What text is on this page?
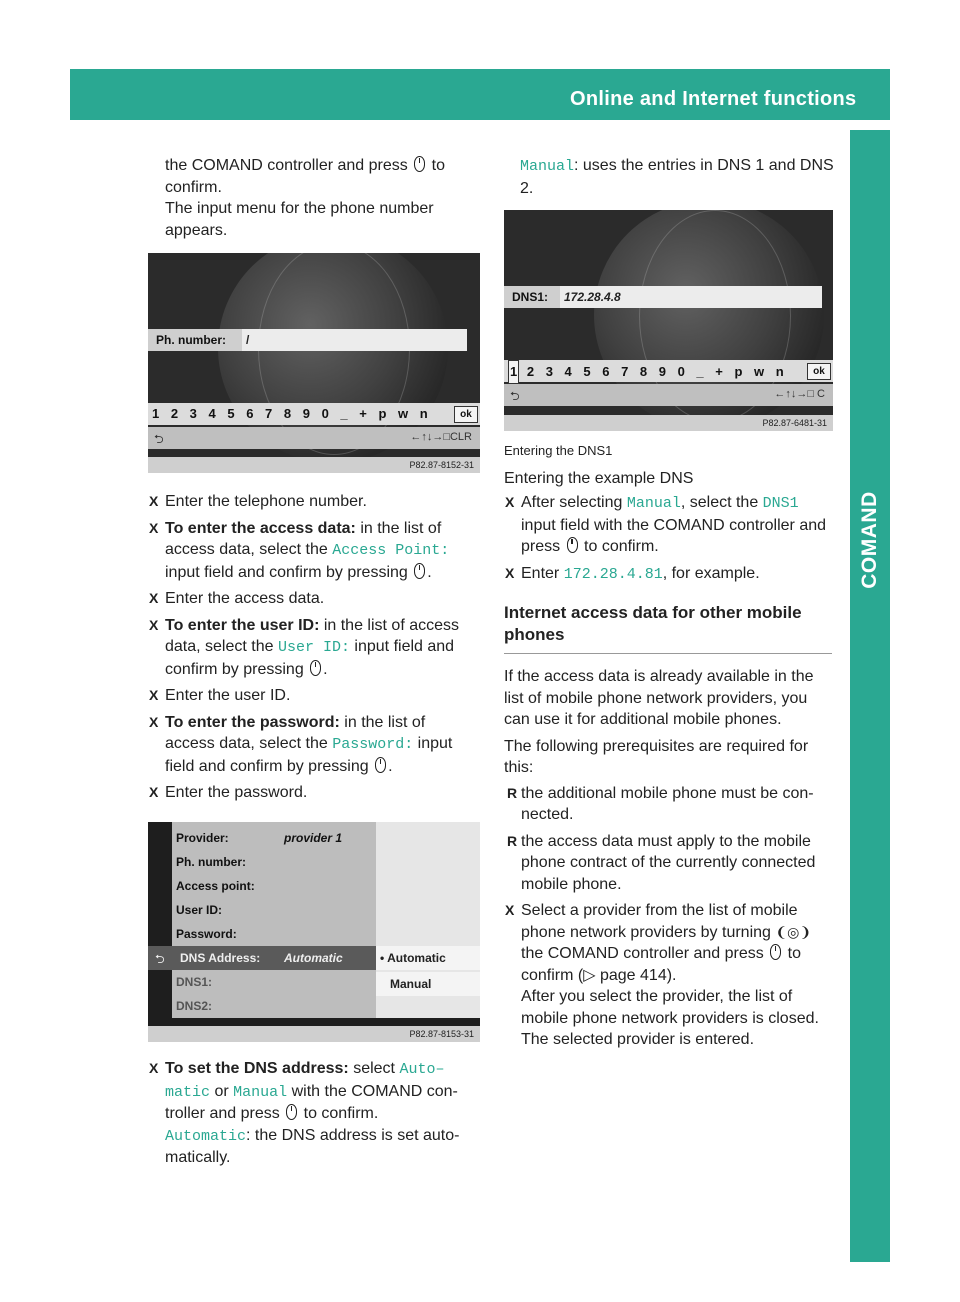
Online and Internet functions	417
COMAND

the COMAND controller and press  to

confirm.

The input menu for the phone number

appears.

Ph. number:	/
1 2 3 4 5 6 7 8 9 0 _ + p w n	ok
⮌	←↑↓→□CLR
P82.87-8152-31
X Enter the telephone number.
X To enter the access data: in the list of
access data, select the Access Point:
input field and confirm by pressing .
X Enter the access data.
X To enter the user ID: in the list of access
data, select the User ID: input field and
confirm by pressing .
X Enter the user ID.
X To enter the password: in the list of
access data, select the Password: input
field and confirm by pressing .
X Enter the password.
Provider:	provider 1
Ph. number:
Access point:
User ID:
Password:
⮌ DNS Address: Automatic
DNS1:
DNS2:
• Automatic
Manual
P82.87-8153-31
X To set the DNS address: select Auto–
matic or Manual with the COMAND con-
troller and press  to confirm.
Automatic: the DNS address is set auto-
matically.

Manual: uses the entries in DNS 1 and DNS

2.

DNS1:	172.28.4.8
1 2 3 4 5 6 7 8 9 0 _ + p w n	ok
⮌	←↑↓→□ C
P82.87-6481-31

Entering the DNS1

Entering the example DNS

X After selecting Manual, select the DNS1
input field with the COMAND controller and
press  to confirm.
X Enter 172.28.4.81, for example.
Internet access data for other mobile
phones

If the access data is already available in the
list of mobile phone network providers, you
can use it for additional mobile phones.

The following prerequisites are required for
this:

R the additional mobile phone must be con-
nected.
R the access data must apply to the mobile
phone contract of the currently connected
mobile phone.
X Select a provider from the list of mobile
phone network providers by turning ❨◎❩
the COMAND controller and press  to
confirm (▷ page 414).
After you select the provider, the list of
mobile phone network providers is closed.
The selected provider is entered.
